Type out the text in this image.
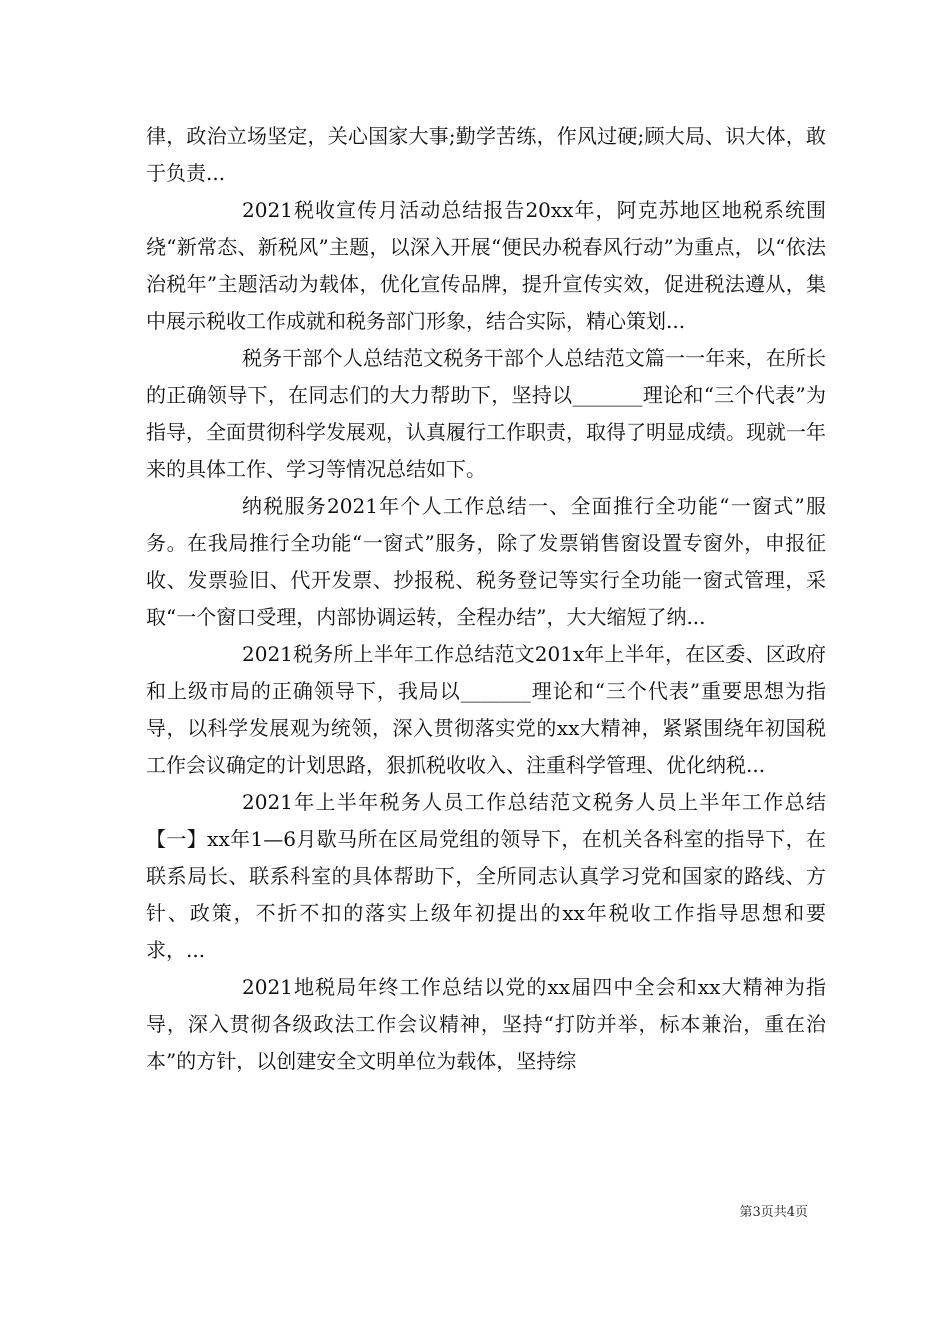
律，政治立场坚定，关心国家大事;勤学苦练，作风过硬;顾大局、识大体，敢于负责...

2021税收宣传月活动总结报告20xx年，阿克苏地区地税系统围绕“新常态、新税风”主题，以深入开展“便民办税春风行动”为重点，以“依法治税年”主题活动为载体，优化宣传品牌，提升宣传实效，促进税法遵从，集中展示税收工作成就和税务部门形象，结合实际，精心策划...

税务干部个人总结范文税务干部个人总结范文篇一一年来，在所长的正确领导下，在同志们的大力帮助下，坚持以_______理论和“三个代表”为指导，全面贯彻科学发展观，认真履行工作职责，取得了明显成绩。现就一年来的具体工作、学习等情况总结如下。

纳税服务2021年个人工作总结一、全面推行全功能“一窗式”服务。在我局推行全功能“一窗式”服务，除了发票销售窗设置专窗外，申报征收、发票验旧、代开发票、抄报税、税务登记等实行全功能一窗式管理，采取“一个窗口受理，内部协调运转，全程办结”，大大缩短了纳...

2021税务所上半年工作总结范文201x年上半年，在区委、区政府和上级市局的正确领导下，我局以_______理论和“三个代表”重要思想为指导，以科学发展观为统领，深入贯彻落实党的xx大精神，紧紧围绕年初国税工作会议确定的计划思路，狠抓税收收入、注重科学管理、优化纳税...

2021年上半年税务人员工作总结范文税务人员上半年工作总结【一】xx年1—6月歇马所在区局党组的领导下，在机关各科室的指导下，在联系局长、联系科室的具体帮助下，全所同志认真学习党和国家的路线、方针、政策，不折不扣的落实上级年初提出的xx年税收工作指导思想和要求，...

2021地税局年终工作总结以党的xx届四中全会和xx大精神为指导，深入贯彻各级政法工作会议精神，坚持“打防并举，标本兼治，重在治本”的方针，以创建安全文明单位为载体，坚持综

第3页共4页
